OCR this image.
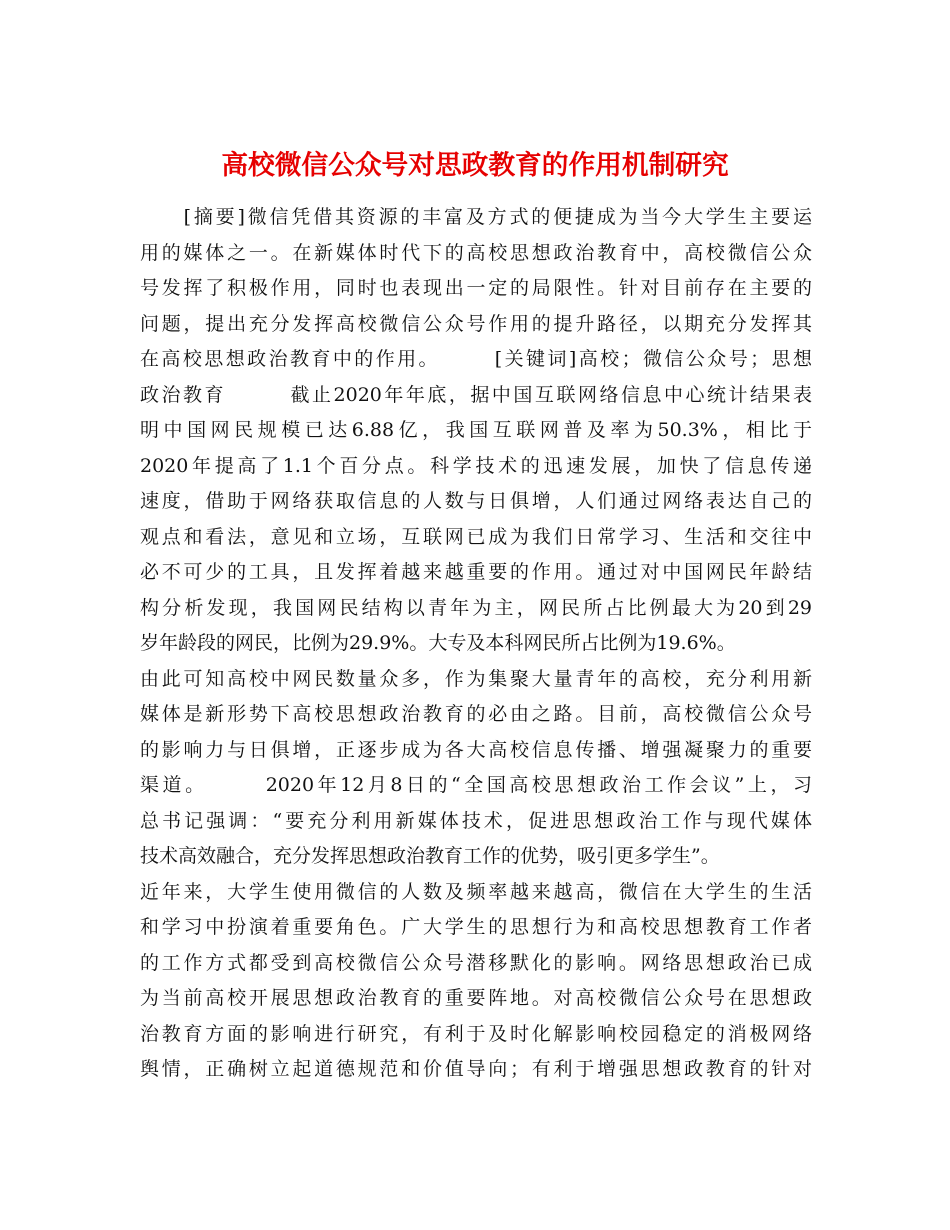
高校微信公众号对思政教育的作用机制研究
　　[摘要]微信凭借其资源的丰富及方式的便捷成为当今大学生主要运
用的媒体之一。在新媒体时代下的高校思想政治教育中，高校微信公众
号发挥了积极作用，同时也表现出一定的局限性。针对目前存在主要的
问题，提出充分发挥高校微信公众号作用的提升路径，以期充分发挥其
在高校思想政治教育中的作用。　　　[关键词]高校；微信公众号；思想
政治教育　　　截止2020年年底，据中国互联网络信息中心统计结果表
明中国网民规模已达6.88亿，我国互联网普及率为50.3%，相比于
2020年提高了1.1个百分点。科学技术的迅速发展，加快了信息传递
速度，借助于网络获取信息的人数与日俱增，人们通过网络表达自己的
观点和看法，意见和立场，互联网已成为我们日常学习、生活和交往中
必不可少的工具，且发挥着越来越重要的作用。通过对中国网民年龄结
构分析发现，我国网民结构以青年为主，网民所占比例最大为20到29
岁年龄段的网民，比例为29.9%。大专及本科网民所占比例为19.6%。
由此可知高校中网民数量众多，作为集聚大量青年的高校，充分利用新
媒体是新形势下高校思想政治教育的必由之路。目前，高校微信公众号
的影响力与日俱增，正逐步成为各大高校信息传播、增强凝聚力的重要
渠道。　　　2020年12月8日的“全国高校思想政治工作会议”上，习
总书记强调：“要充分利用新媒体技术，促进思想政治工作与现代媒体
技术高效融合，充分发挥思想政治教育工作的优势，吸引更多学生”。
近年来，大学生使用微信的人数及频率越来越高，微信在大学生的生活
和学习中扮演着重要角色。广大学生的思想行为和高校思想教育工作者
的工作方式都受到高校微信公众号潜移默化的影响。网络思想政治已成
为当前高校开展思想政治教育的重要阵地。对高校微信公众号在思想政
治教育方面的影响进行研究，有利于及时化解影响校园稳定的消极网络
舆情，正确树立起道德规范和价值导向；有利于增强思想政教育的针对
